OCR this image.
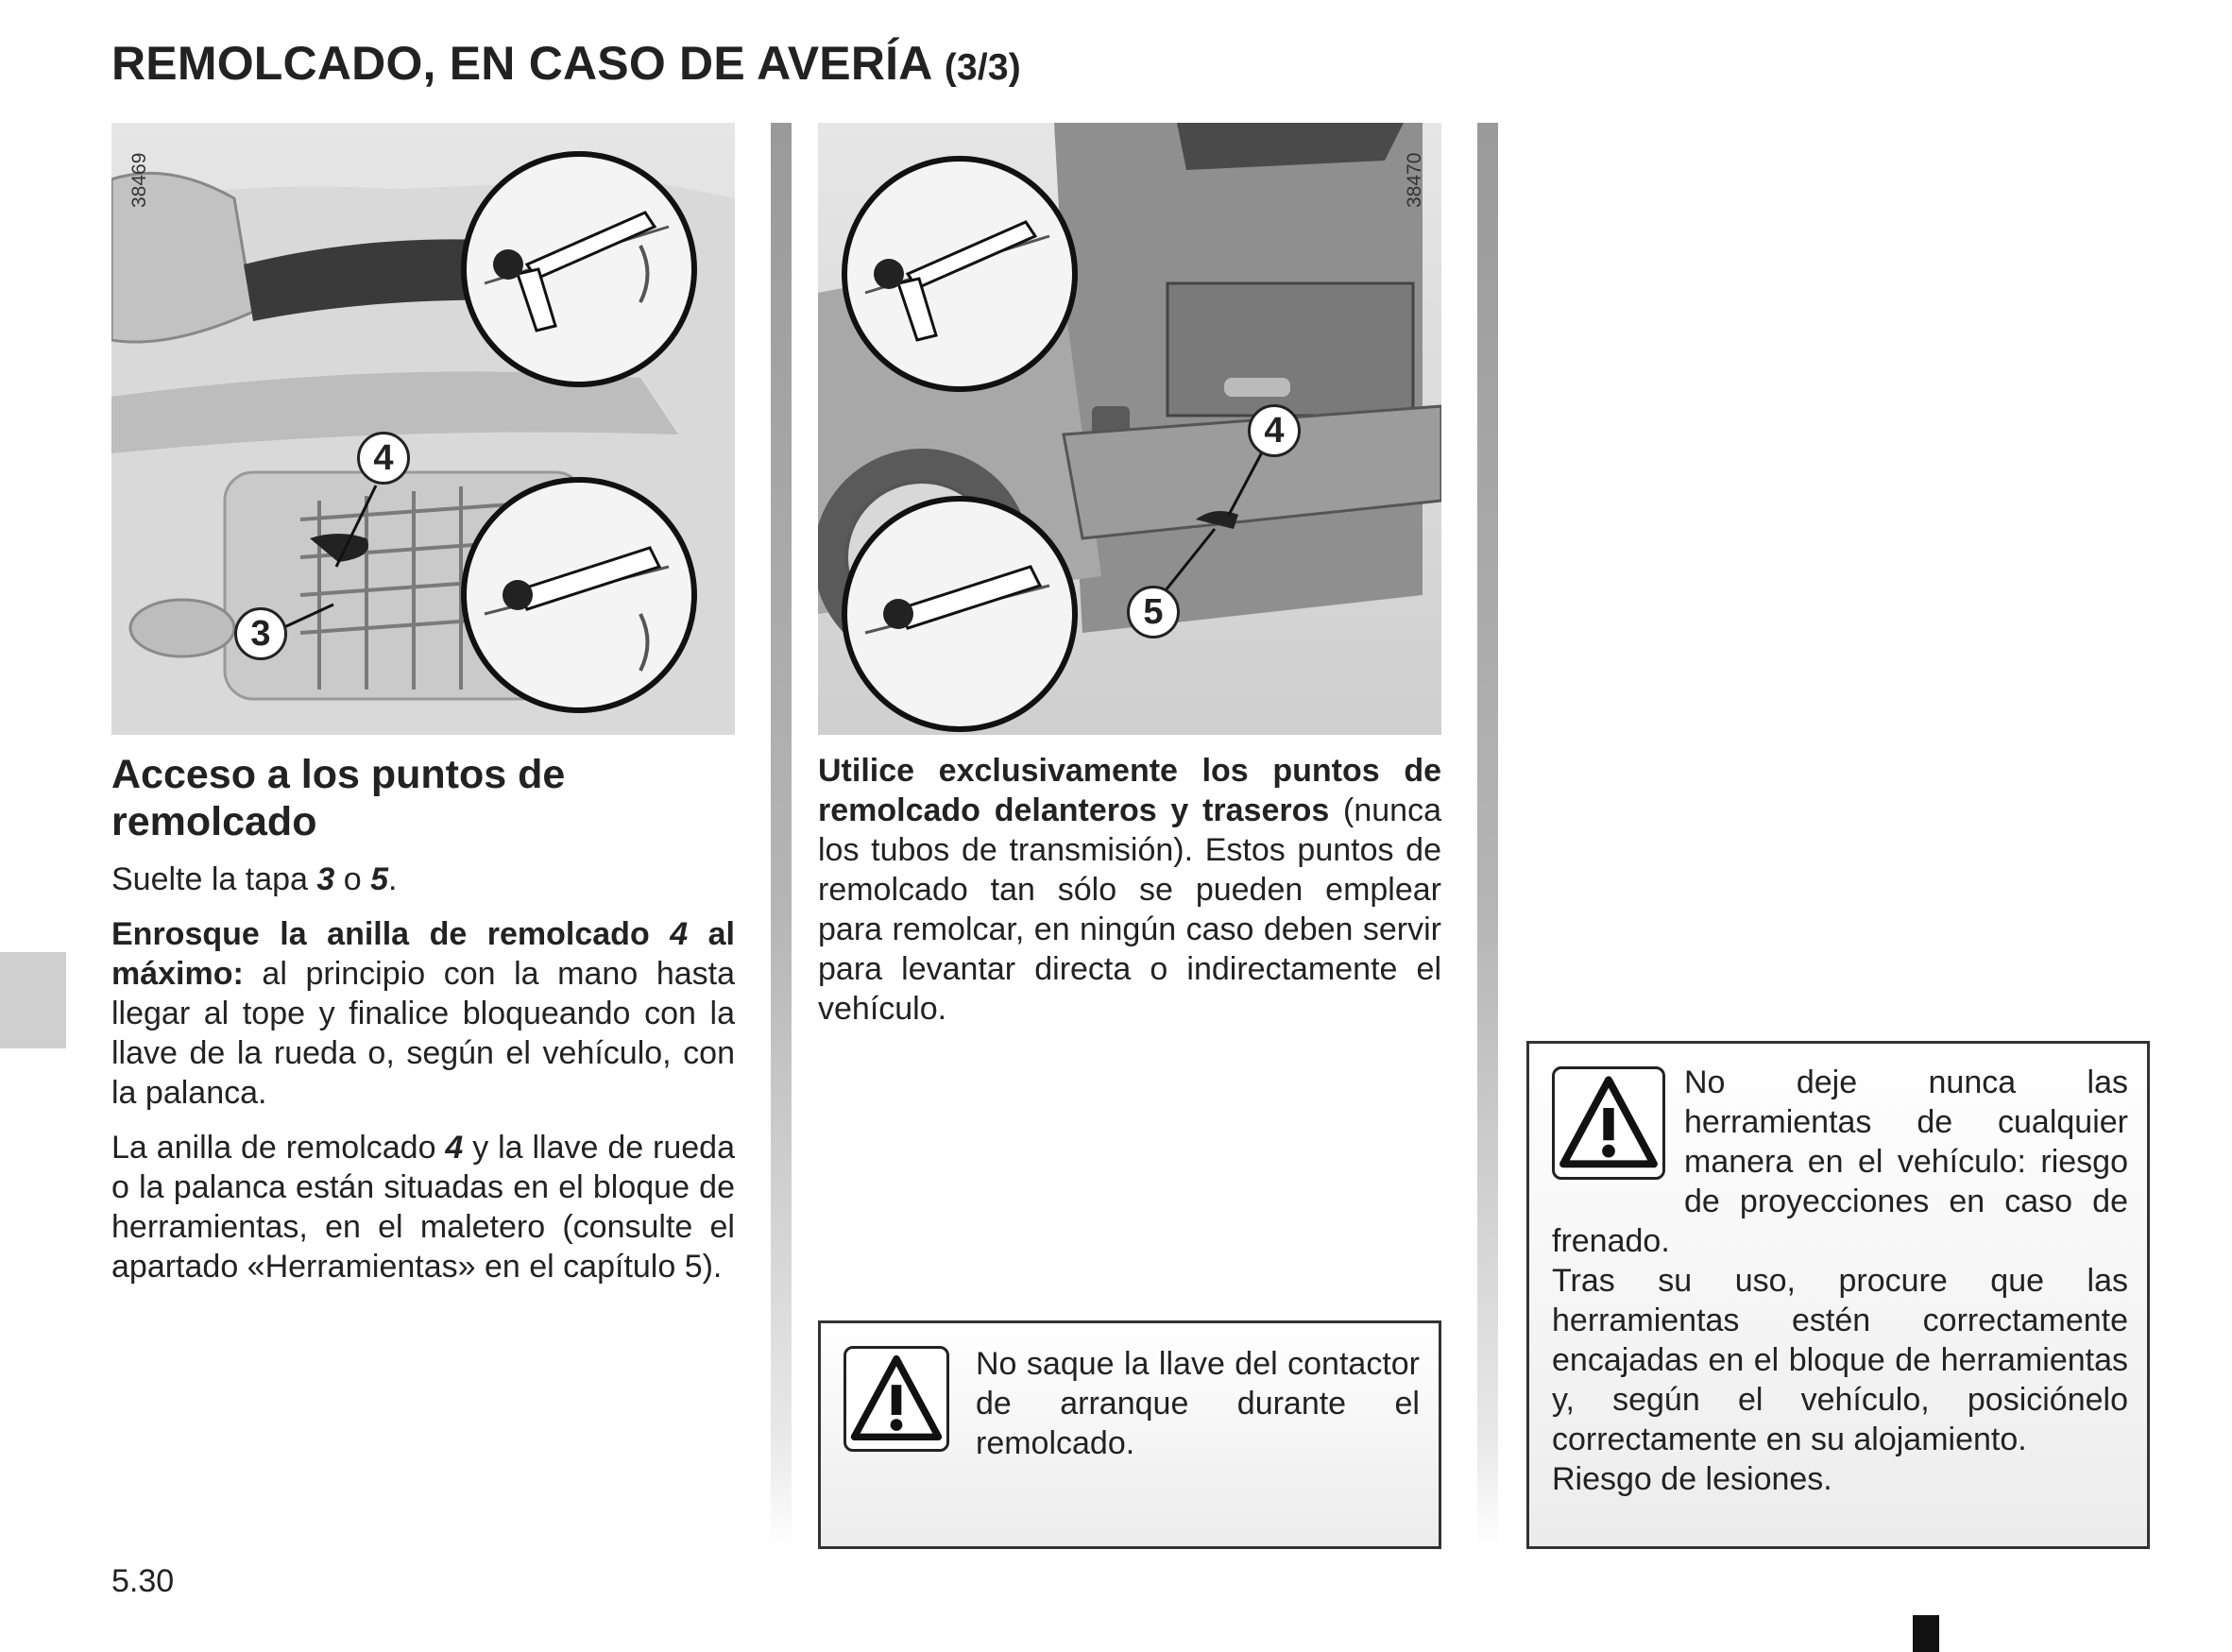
REMOLCADO, EN CASO DE AVERÍA (3/3)
38469
4
3
38470
4
5
Acceso a los puntos de remolcado

Suelte la tapa 3 o 5.

Enrosque la anilla de remolcado 4 al máximo: al principio con la mano hasta llegar al tope y finalice bloqueando con la llave de la rueda o, según el vehículo, con la palanca.

La anilla de remolcado 4 y la llave de rueda o la palanca están situadas en el bloque de herramientas, en el maletero (consulte el apartado «Herramientas» en el capítulo 5).

Utilice exclusivamente los puntos de remolcado delanteros y traseros (nunca los tubos de transmisión). Estos puntos de remolcado tan sólo se pueden emplear para remolcar, en ningún caso deben servir para levantar directa o indirectamente el vehículo.

No saque la llave del contactor de arranque durante el remolcado.
No deje nunca las herramientas de cualquier manera en el vehículo: riesgo de proyecciones en caso de frenado.
Tras su uso, procure que las herramientas estén correctamente encajadas en el bloque de herramientas y, según el vehículo, posiciónelo correctamente en su alojamiento.
Riesgo de lesiones.
5.30
